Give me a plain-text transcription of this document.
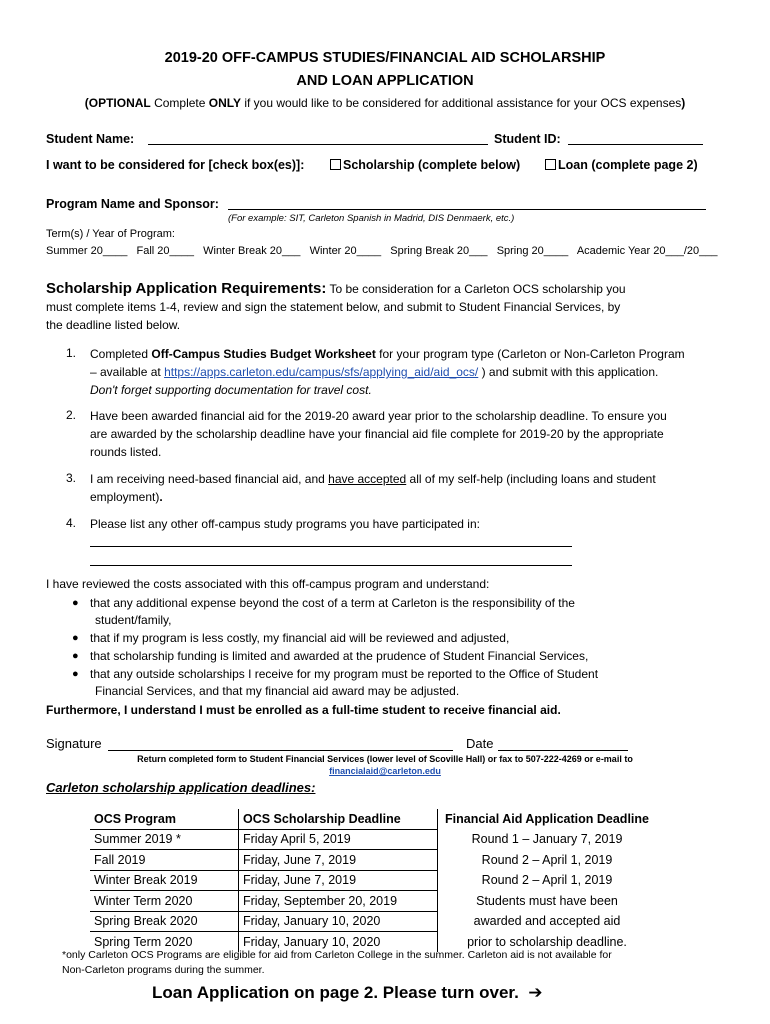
2019-20 OFF-CAMPUS STUDIES/FINANCIAL AID SCHOLARSHIP
AND LOAN APPLICATION
(OPTIONAL Complete ONLY if you would like to be considered for additional assistance for your OCS expenses)
Student Name:	Student ID:
I want to be considered for [check box(es)]:	Scholarship (complete below)	Loan (complete page 2)
Program Name and Sponsor:
(For example: SIT, Carleton Spanish in Madrid, DIS Denmaerk, etc.)
Term(s) / Year of Program:
Summer 20____ Fall 20____ Winter Break 20___ Winter 20____ Spring Break 20___ Spring 20____ Academic Year 20___/20___
Scholarship Application Requirements: To be consideration for a Carleton OCS scholarship you
must complete items 1-4, review and sign the statement below, and submit to Student Financial Services, by
the deadline listed below.
1. Completed Off-Campus Studies Budget Worksheet for your program type (Carleton or Non-Carleton Program
– available at https://apps.carleton.edu/campus/sfs/applying_aid/aid_ocs/ ) and submit with this application.
Don't forget supporting documentation for travel cost.
2. Have been awarded financial aid for the 2019-20 award year prior to the scholarship deadline. To ensure you
are awarded by the scholarship deadline have your financial aid file complete for 2019-20 by the appropriate
rounds listed.
3. I am receiving need-based financial aid, and have accepted all of my self-help (including loans and student
employment).
4. Please list any other off-campus study programs you have participated in:
I have reviewed the costs associated with this off-campus program and understand:
● that any additional expense beyond the cost of a term at Carleton is the responsibility of the
student/family,
● that if my program is less costly, my financial aid will be reviewed and adjusted,
● that scholarship funding is limited and awarded at the prudence of Student Financial Services,
● that any outside scholarships I receive for my program must be reported to the Office of Student
Financial Services, and that my financial aid award may be adjusted.
Furthermore, I understand I must be enrolled as a full-time student to receive financial aid.
Signature	Date
Return completed form to Student Financial Services (lower level of Scoville Hall) or fax to 507-222-4269 or e-mail to
financialaid@carleton.edu
Carleton scholarship application deadlines:
OCS Program	OCS Scholarship Deadline	Financial Aid Application Deadline
Summer 2019 *	Friday April 5, 2019	Round 1 – January 7, 2019
Fall 2019	Friday, June 7, 2019	Round 2 – April 1, 2019
Winter Break 2019	Friday, June 7, 2019	Round 2 – April 1, 2019
Winter Term 2020	Friday, September 20, 2019	Students must have been
Spring Break 2020	Friday, January 10, 2020	awarded and accepted aid
Spring Term 2020	Friday, January 10, 2020	prior to scholarship deadline.
*only Carleton OCS Programs are eligible for aid from Carleton College in the summer. Carleton aid is not available for
Non-Carleton programs during the summer.
Loan Application on page 2. Please turn over. ➔
